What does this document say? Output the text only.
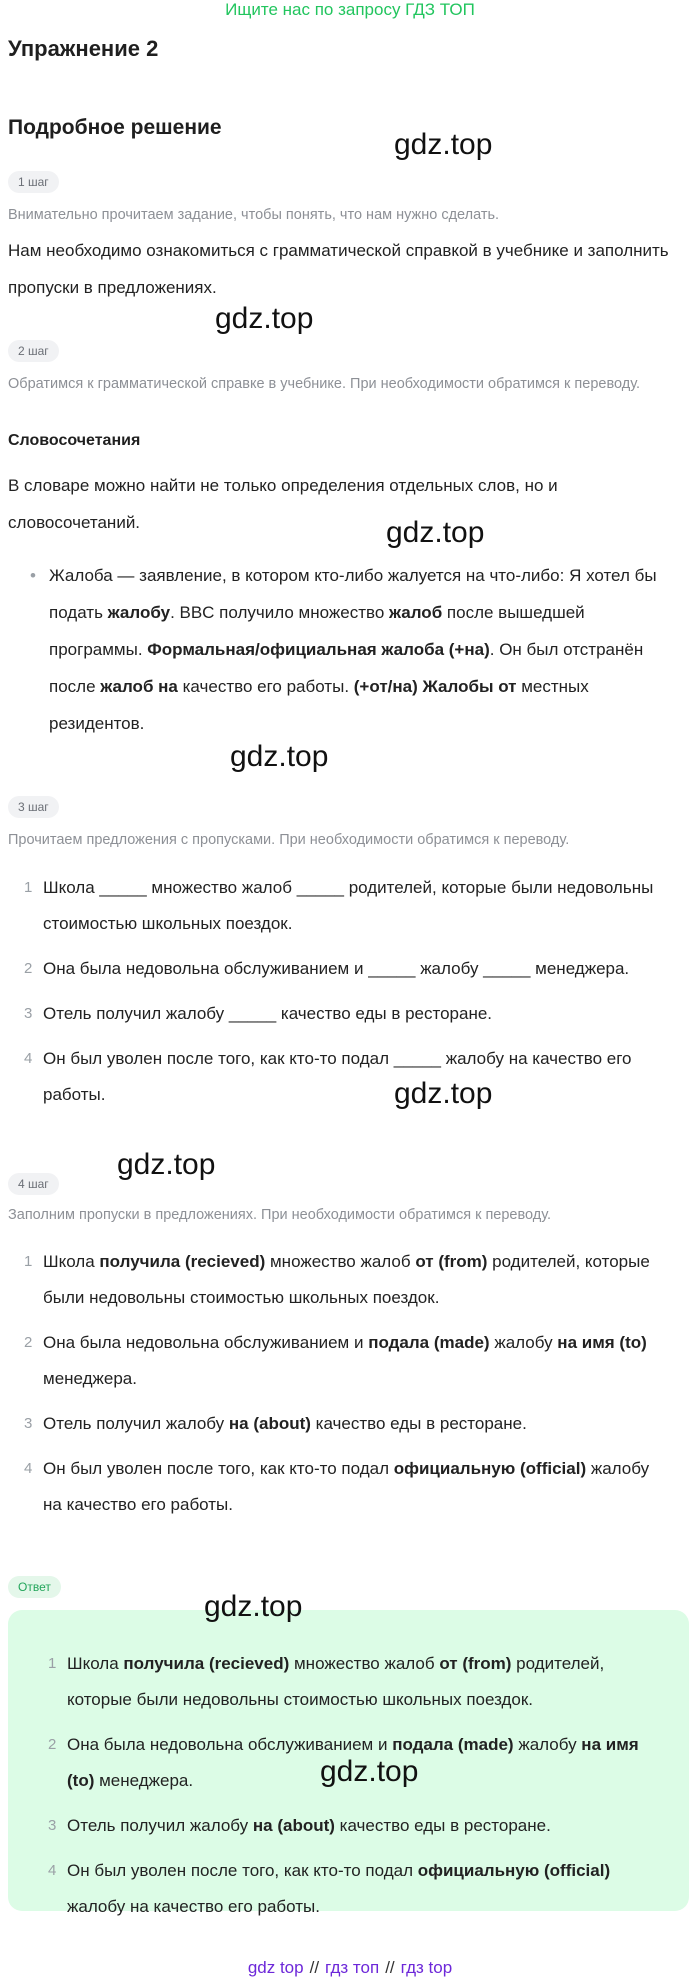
Ищите нас по запросу ГДЗ ТОП
Упражнение 2
Подробное решение
gdz.top
gdz.top
gdz.top
gdz.top
gdz.top
gdz.top
1 шаг
Внимательно прочитаем задание, чтобы понять, что нам нужно сделать.
Нам необходимо ознакомиться с грамматической справкой в учебнике и заполнить пропуски в предложениях.
2 шаг
Обратимся к грамматической справке в учебнике. При необходимости обратимся к переводу.
Словосочетания
В словаре можно найти не только определения отдельных слов, но и словосочетаний.
• Жалоба — заявление, в котором кто-либо жалуется на что-либо: Я хотел бы подать жалобу. BBC получило множество жалоб после вышедшей программы. Формальная/официальная жалоба (+на). Он был отстранён после жалоб на качество его работы. (+от/на) Жалобы от местных резидентов.
3 шаг
Прочитаем предложения с пропусками. При необходимости обратимся к переводу.
1 Школа _____ множество жалоб _____ родителей, которые были недовольны стоимостью школьных поездок.
2 Она была недовольна обслуживанием и _____ жалобу _____ менеджера.
3 Отель получил жалобу _____ качество еды в ресторане.
4 Он был уволен после того, как кто-то подал _____ жалобу на качество его работы.
4 шаг
Заполним пропуски в предложениях. При необходимости обратимся к переводу.
1 Школа получила (recieved) множество жалоб от (from) родителей, которые были недовольны стоимостью школьных поездок.
2 Она была недовольна обслуживанием и подала (made) жалобу на имя (to) менеджера.
3 Отель получил жалобу на (about) качество еды в ресторане.
4 Он был уволен после того, как кто-то подал официальную (official) жалобу на качество его работы.
Ответ
gdz.top
gdz.top
1 Школа получила (recieved) множество жалоб от (from) родителей, которые были недовольны стоимостью школьных поездок.
2 Она была недовольна обслуживанием и подала (made) жалобу на имя (to) менеджера.
3 Отель получил жалобу на (about) качество еды в ресторане.
4 Он был уволен после того, как кто-то подал официальную (official) жалобу на качество его работы.
gdz top // гдз топ // гдз top
